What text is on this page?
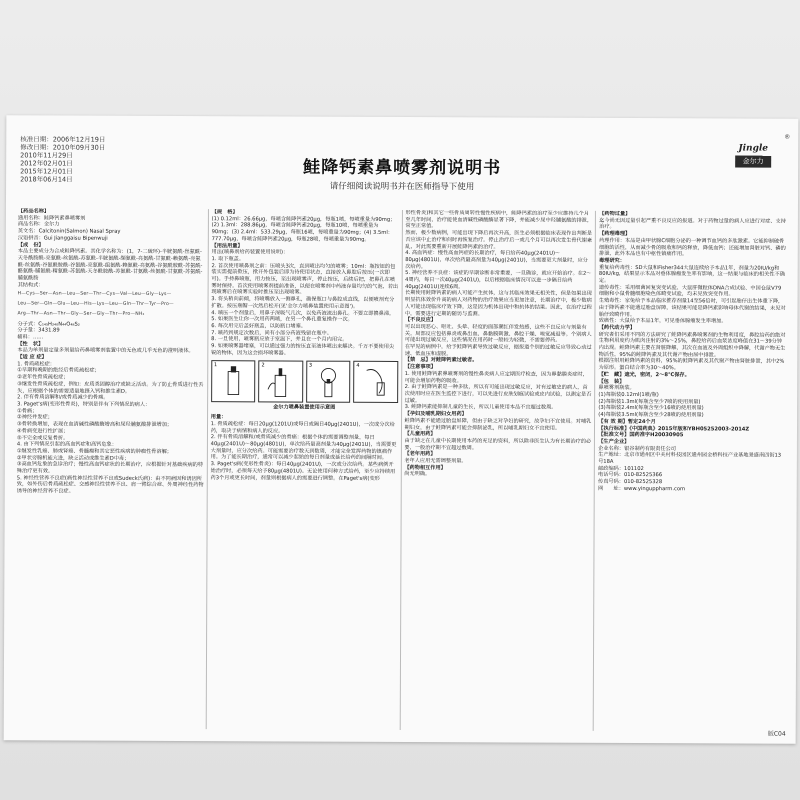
核准日期：2006年12月19日
修改日期：2010年09月30日
2010年11月29日
2012年02月01日
2015年12月01日
2018年06月14日
®
Jingle
金尔力
鲑降钙素鼻喷雾剂说明书
请仔细阅读说明书并在医师指导下使用

【药品名称】

通用名称：鲑降钙素鼻喷雾剂

商品名称：金尔力

英文名：Calcitonin(Salmon) Nasal Spray

汉语拼音：Gui Jianggaisu Bipenwuji

【成　份】

本品主要成分为合成鲑降钙素。其化学名称为：(1，7-二硫环)-半胱氨酰-丝氨酰-天冬酰胺酰-亮氨酰-丝氨酰-苏氨酰-半胱氨酰-缬氨酰-亮氨酰-甘氨酰-赖氨酰-亮氨酰-丝氨酰-谷氨酰胺酰-谷氨酰-亮氨酰-组氨酰-赖氨酰-亮氨酰-谷氨酰胺酰-苏氨酰-酪氨酰-脯氨酰-精氨酰-苏氨酰-天冬酰胺酰-苏氨酰-甘氨酰-丝氨酰-甘氨酰-苏氨酰-脯氨酰胺

其结构式：

H—Cys—Ser—Asn—Leu—Ser—Thr—Cys—Val—Leu—Gly—Lys—

Leu—Ser—Gln—Glu—Leu—His—Lys—Leu—Gln—Thr—Tyr—Pro—

Arg—Thr—Asn—Thr—Gly—Ser—Gly—Thr—Pro—NH₂

分子式：C₁₄₅H₂₄₀N₄₄O₄₈S₂

分子量：3431.89

辅料：……

【性　状】

本品为单剂量定量多剂量给药鼻喷雾剂装置中的无色或几乎无色的澄明液体。

【适 应 症】

1. 骨质疏松症：

①早期和晚期的绝经后骨质疏松症；

②老年性骨质疏松症；

③继发性骨质疏松症，例如：皮质类固醇治疗或缺乏活动。为了防止骨质进行性丢失，应根据个体的需要适量地摄入钙和维生素D。

2. 伴有骨质溶解和/或骨质减少的骨痛。

3. Paget's病(变形性骨炎)，特别是伴有下列情况的病人：

①骨痛；

②神经并发症；

③骨转换增加，表现在血清碱性磷酸酶增高和尿羟脯氨酸排泄增加；

④骨病变进行性扩展；

⑤不完全或反复骨折。

4. 由下列情况引起的高血钙症和高钙危象：

①继发性乳癌、肺或肾癌、骨髓瘤和其它恶性疾病的肿瘤性骨溶解；

②甲状旁腺机能亢进，缺乏活动或维生素D中毒；

③高血钙危象的急诊治疗；慢性高血钙症状的长期治疗，应根据针对基础疾病的特殊治疗更有效。

5. 神经性营养不良症(痛性神经性营养不良或Sudeck氏病)：由不同病因和诱因所致，如外伤后骨质疏松症、交感神经性营养不良、肩一臂综合症、外周神经性药物诱导的神经营养不良症。

【规　格】

(1) 0.12ml：26.66μg，每喷含鲑降钙素20μg，每瓶1喷，每喷重量为90mg；(2) 1.3ml：288.86μg，每喷含鲑降钙素20μg，每瓶10喷，每喷重量为90mg；(3) 2.4ml：533.29μg，每瓶16喷，每喷重量为90mg；(4) 3.5ml：777.70μg，每喷含鲑降钙素20μg，每瓶28喷，每喷重量为90mg。

【用法用量】

用法(喷鼻剂给药装置使用说明)：

1. 取下瓶盖。

2. 首次使用喷鼻剂之前：压喷头3次，直到喷出均匀的喷雾；10ml：瓶按钮的包装实需提前揿压，揿开外包装后即为待使用状态，直接放入鼻腔后按压(一次即可)。手持鼻喷瓶，用力按压，至出现喷雾声，停止按压，后续后把，把鼻孔在喷雾时保持。首次使用喷雾剂提前准备，以便在喷雾剂中药液存量均匀的气泡，若出现喷雾后在喷雾实验时推压至出现喷雾。

3. 将头稍向前倾，将喷嘴放入一侧鼻孔，确保瓶口与鼻腔成直线，以便喷剂充分扩散。按压瓶帽一次然后松开(见'金尔力喷鼻装置使用示意图')。

4. 喷压一个剂量后，用鼻子深吸气几次，以免药液流出鼻孔。不要立即擤鼻涕。

5. 如果医生让你一次用药两喷，在另一个鼻孔重复操作一次。

6. 每次用完后盖好瓶盖，以防瓶口堵塞。

7. 喷药到规定次数后，尚有小部分药液残留在瓶中。

8. 一旦使用，喷雾瓶应放于室温下，并且在一个月内用完。

9. 如果喷雾器堵塞，可以通过强力的按压直至液体喷出来解决。千万不要使用尖锐的物体，因为这会损坏喷雾器。

1	2	3	4

金尔力喷鼻装置使用示意图

用量：

1. 骨质疏松症：每日20μg(1201U)或每日或隔日40μg(2401U)，一次或分次给药，取决于病情和病人的反应。

2. 伴有骨质溶解和/或骨质减少的骨痛：根据个体的需要调整剂量，每日40μg(2401U)～80μg(4801U)，单次给药量高剂量为40μg(2401U)，当需要更大剂量时，应分次给药。可能需要治疗数天到数周，才能完全发挥药物的镇痛作用。为了能长期治疗，通常可以减少起始的每日剂量或延长给药的间隔时间。

3. Paget's病(变形性骨炎)：每日40μg(2401U)，一次或分次给药。某些病例开始治疗时，必须每天给予80μg(4801U)。无论使用何种方式给药，至少应持续用药3个月或更长时间，剂量则根据病人的需要进行调整。在Paget's病(变形

形性骨炎)和其它一些骨质周转性慢性疾病中，鲑降钙素的治疗至少应维持几个月至几年时间，治疗能使血清碱性磷酸酶显著下降，并能减少尿中羟脯氨酸的排泄，常至正常值。

然而，极少数病例，可能出现下降后再次升高，医生必须根据临床表现作出判断是否应该中止治疗和何时再恢复治疗。停止治疗后一或几个月可以再次发生骨代谢紊乱，对此需要重新开展鲑降钙素的治疗。

4. 高血钙症：慢性高血钙症的长期治疗，每日给药40μg(2401U)～80μg(4801U)，单次给药最高剂量为40μg(2401U)，当需要更大剂量时，应分次给药。

5. 神经营养不良症：该症的早期诊断非常重要，一旦确诊，就应开始治疗。在2～4周内，每日一次40μg(2401U)，以后根据临床情况可以进一步隔日给药40μg(2401U)连续6周。

长期使用鲑降钙素的病人可能产生抗体，这与其临床效果无相关性，但是如果出现明显抗体效价升高的病人对药物的治疗效果应当更加注意，长期治疗中，极少数病人可能出现临床疗效下降，这是因为机体出现中和抗体的结果。因此，在治疗过程中，需要进行定期的随访与监测。

【不良反应】

可以出现恶心、呕吐、头晕、轻度的面部潮红伴发热感，这些不良反应与剂量有关。局部反应包括鼻炎或鼻出血、鼻黏膜刺激、鼻腔干燥、嗅觉减退等。个别病人可能出现过敏反应，这些情况在用药时一般较为轻微，不需要停药。

在罕见的病例中，给予鲑降钙素导致过敏反应，据报道个别的过敏反应导致心动过速、低血压和虚脱。

【禁　忌】对鲑降钙素过敏者。

【注意事项】

1. 使用鲑降钙素鼻喷雾剂的慢性鼻炎病人应定期医疗检查，因为鼻黏膜炎症时，可能会增加药物的吸收。

2. 由于鲑降钙素是一种多肽，所以有可能出现过敏反应，对有过敏史的病人，首次使用时应在医生监控下进行，可以先进行皮肤划痕试验或皮内试验，以测定是否过敏。

3. 鲑降钙素能抑制儿童的生长，所以儿童使用本品不宜超过数周。

【孕妇及哺乳期妇女用药】

鲑降钙素不能通过胎盘屏障，但由于缺乏对孕妇的研究，故孕妇不宜使用。对哺乳期妇女，由于鲑降钙素可能会抑制泌乳，所以哺乳期妇女不宜使用。

【儿童用药】

由于缺乏在儿童中长期使用本药的充足的资料，所以除非医生认为有长期治疗的必要，一般治疗期不宜超过数周。

【老年用药】

老年人应用无需调整剂量。

【药物相互作用】

尚无明确。

【药物过量】

迄今尚无因过量引起严重不良反应的报道。对于药物过量的病人应进行对症、支持治疗。

【药理毒理】

药理作用：本品是由甲状腺C细胞分泌的一种调节血钙的多肽激素。它能抑制破骨细胞的活性，从而减少骨的吸收和钙的释放，降低血钙；还能增加肾脏对钙、磷的排泄，此外本品也有中枢性镇痛作用。

毒理研究：

重复给药毒性：SD大鼠和Fisher344大鼠连续给予本品1年，剂量为20IU/kg和80IU/kg，结果显示本品对垂体腺瘤发生率有影响，这一结果与临床的相关性不确定。

遗传毒性：采用细菌回复突变试验、大鼠肝微粒体DNA合成试验、中国仓鼠V79细胞和小鼠骨髓细胞染色体畸变试验，均未见致突变作用。

生殖毒性：家兔给予本品临床推荐剂量14至56倍时，可引起胎仔出生体重下降，由于降钙素不能通过胎盘屏障，该结果可能是降钙素影响母体代谢的结果，未见对胎仔致畸作用。

致癌性：大鼠给予本品1年，可见垂体腺瘤发生率增加。

【药代动力学】

研究者们采用不同的方法研究了鲑降钙素鼻喷雾剂的生物利用度，鼻腔给药的绝对生物利用度约为肌肉注射的3%～25%，鼻腔给药后血浆浓度峰值在31～39分钟内出现。鲑降钙素主要在肾脏降解，其次在血液及外周组织中降解，代谢产物无生物活性，95%的鲑降钙素及其代谢产物由尿中排泄。

根据注射用鲑降钙素的资料，95%的鲑降钙素及其代谢产物由肾脏排泄，其中2%为原形。蛋白结合率为30～40%。

【贮　藏】遮光，密闭，2～8℃保存。

【包　装】

鼻喷雾剂瓶装。

(1)每瓶装0.12ml(1喷/瓶)

(2)每瓶装1.3ml(每瓶含至少7喷的使用剂量)

(3)每瓶装2.4ml(每瓶含至少16喷的使用剂量)

(4)每瓶装3.5ml(每瓶含至少28喷的使用剂量)

【有 效 期】暂定24个月

【执行标准】《中国药典》2015年版和YBH05252003-2014Z

【批准文号】国药准字H20030905

【生产企业】

企业名称：银谷制药有限责任公司

生产地址：北京市通州区中关村科技园区通州园金桥科技产业基地景盛南四街13号18A

邮政编码：101102

电话号码：010-82525366

传真号码：010-82525328

网　　址：www.yinguppharm.com

版C04
